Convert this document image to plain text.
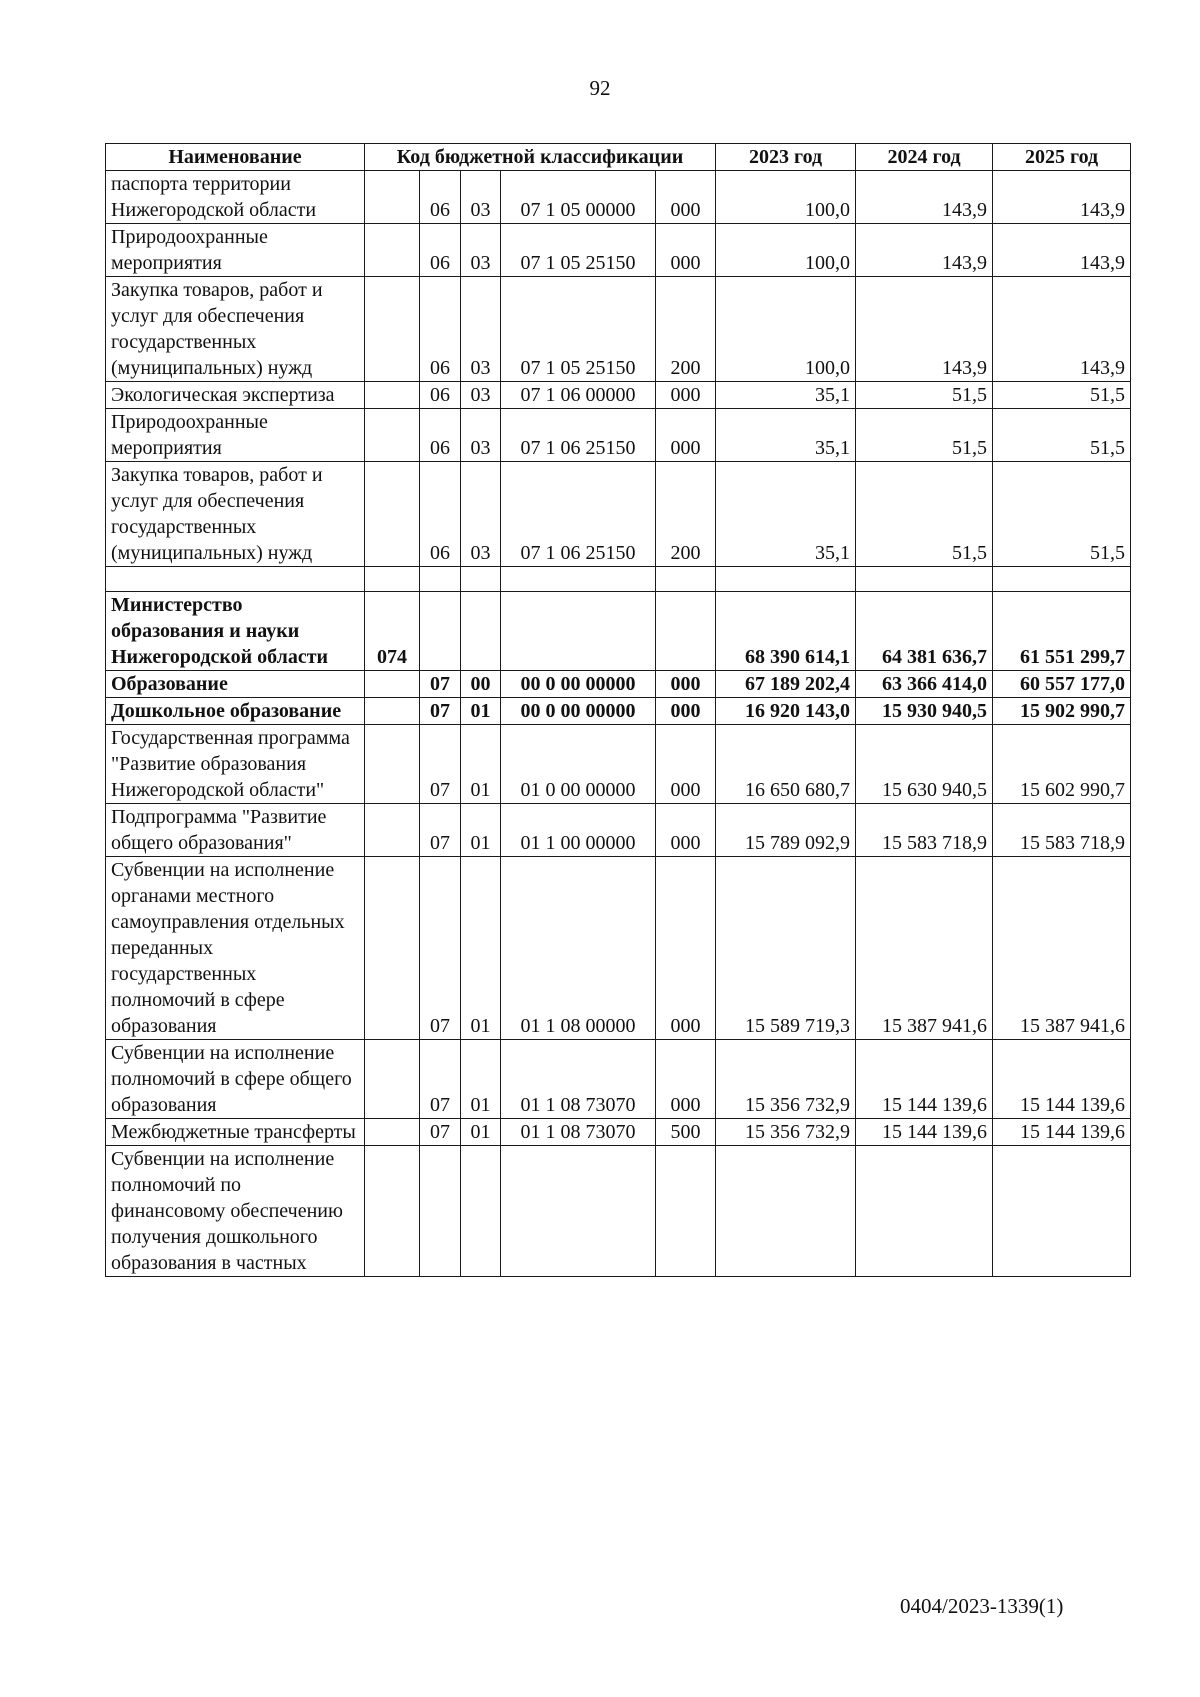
92
Наименование	Код бюджетной классификации					2023 год	2024 год	2025 год
паспорта территории Нижегородской области		06	03	07 1 05 00000	000	100,0	143,9	143,9
Природоохранные мероприятия		06	03	07 1 05 25150	000	100,0	143,9	143,9
Закупка товаров, работ и услуг для обеспечения государственных (муниципальных) нужд		06	03	07 1 05 25150	200	100,0	143,9	143,9
Экологическая экспертиза		06	03	07 1 06 00000	000	35,1	51,5	51,5
Природоохранные мероприятия		06	03	07 1 06 25150	000	35,1	51,5	51,5
Закупка товаров, работ и услуг для обеспечения государственных (муниципальных) нужд		06	03	07 1 06 25150	200	35,1	51,5	51,5

Министерство образования и науки Нижегородской области	074					68 390 614,1	64 381 636,7	61 551 299,7
Образование		07	00	00 0 00 00000	000	67 189 202,4	63 366 414,0	60 557 177,0
Дошкольное образование		07	01	00 0 00 00000	000	16 920 143,0	15 930 940,5	15 902 990,7
Государственная программа "Развитие образования Нижегородской области"		07	01	01 0 00 00000	000	16 650 680,7	15 630 940,5	15 602 990,7
Подпрограмма "Развитие общего образования"		07	01	01 1 00 00000	000	15 789 092,9	15 583 718,9	15 583 718,9
Субвенции на исполнение органами местного самоуправления отдельных переданных государственных полномочий в сфере образования		07	01	01 1 08 00000	000	15 589 719,3	15 387 941,6	15 387 941,6
Субвенции на исполнение полномочий в сфере общего образования		07	01	01 1 08 73070	000	15 356 732,9	15 144 139,6	15 144 139,6
Межбюджетные трансферты		07	01	01 1 08 73070	500	15 356 732,9	15 144 139,6	15 144 139,6
Субвенции на исполнение полномочий по финансовому обеспечению получения дошкольного образования в частных								
0404/2023-1339(1)
